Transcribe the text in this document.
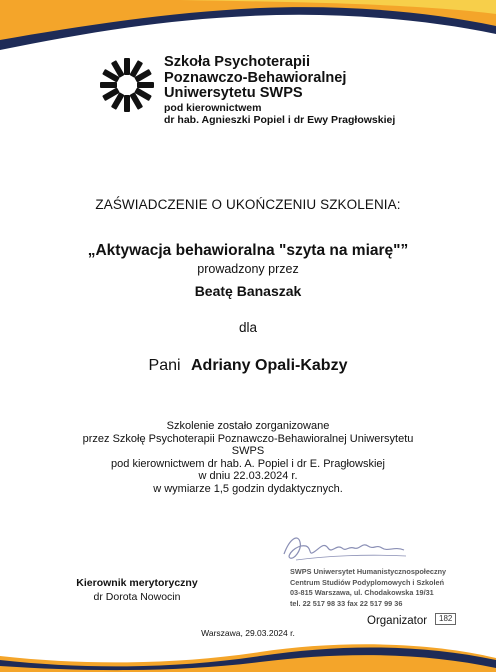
Szkoła Psychoterapii
Poznawczo-Behawioralnej
Uniwersytetu SWPS
pod kierownictwem
dr hab. Agnieszki Popiel i dr Ewy Pragłowskiej
ZAŚWIADCZENIE O UKOŃCZENIU SZKOLENIA:
„Aktywacja behawioralna "szyta na miarę"”
prowadzony przez
Beatę Banaszak
dla
Pani Adriany Opali-Kabzy
Szkolenie zostało zorganizowane
przez Szkołę Psychoterapii Poznawczo-Behawioralnej Uniwersytetu
SWPS
pod kierownictwem dr hab. A. Popiel i dr E. Pragłowskiej
w dniu 22.03.2024 r.
w wymiarze 1,5 godzin dydaktycznych.
Kierownik merytoryczny
dr Dorota Nowocin
SWPS Uniwersytet Humanistycznospołeczny
Centrum Studiów Podyplomowych i Szkoleń
03-815 Warszawa, ul. Chodakowska 19/31
tel. 22 517 98 33 fax 22 517 99 36
Organizator	182
Warszawa, 29.03.2024 r.
